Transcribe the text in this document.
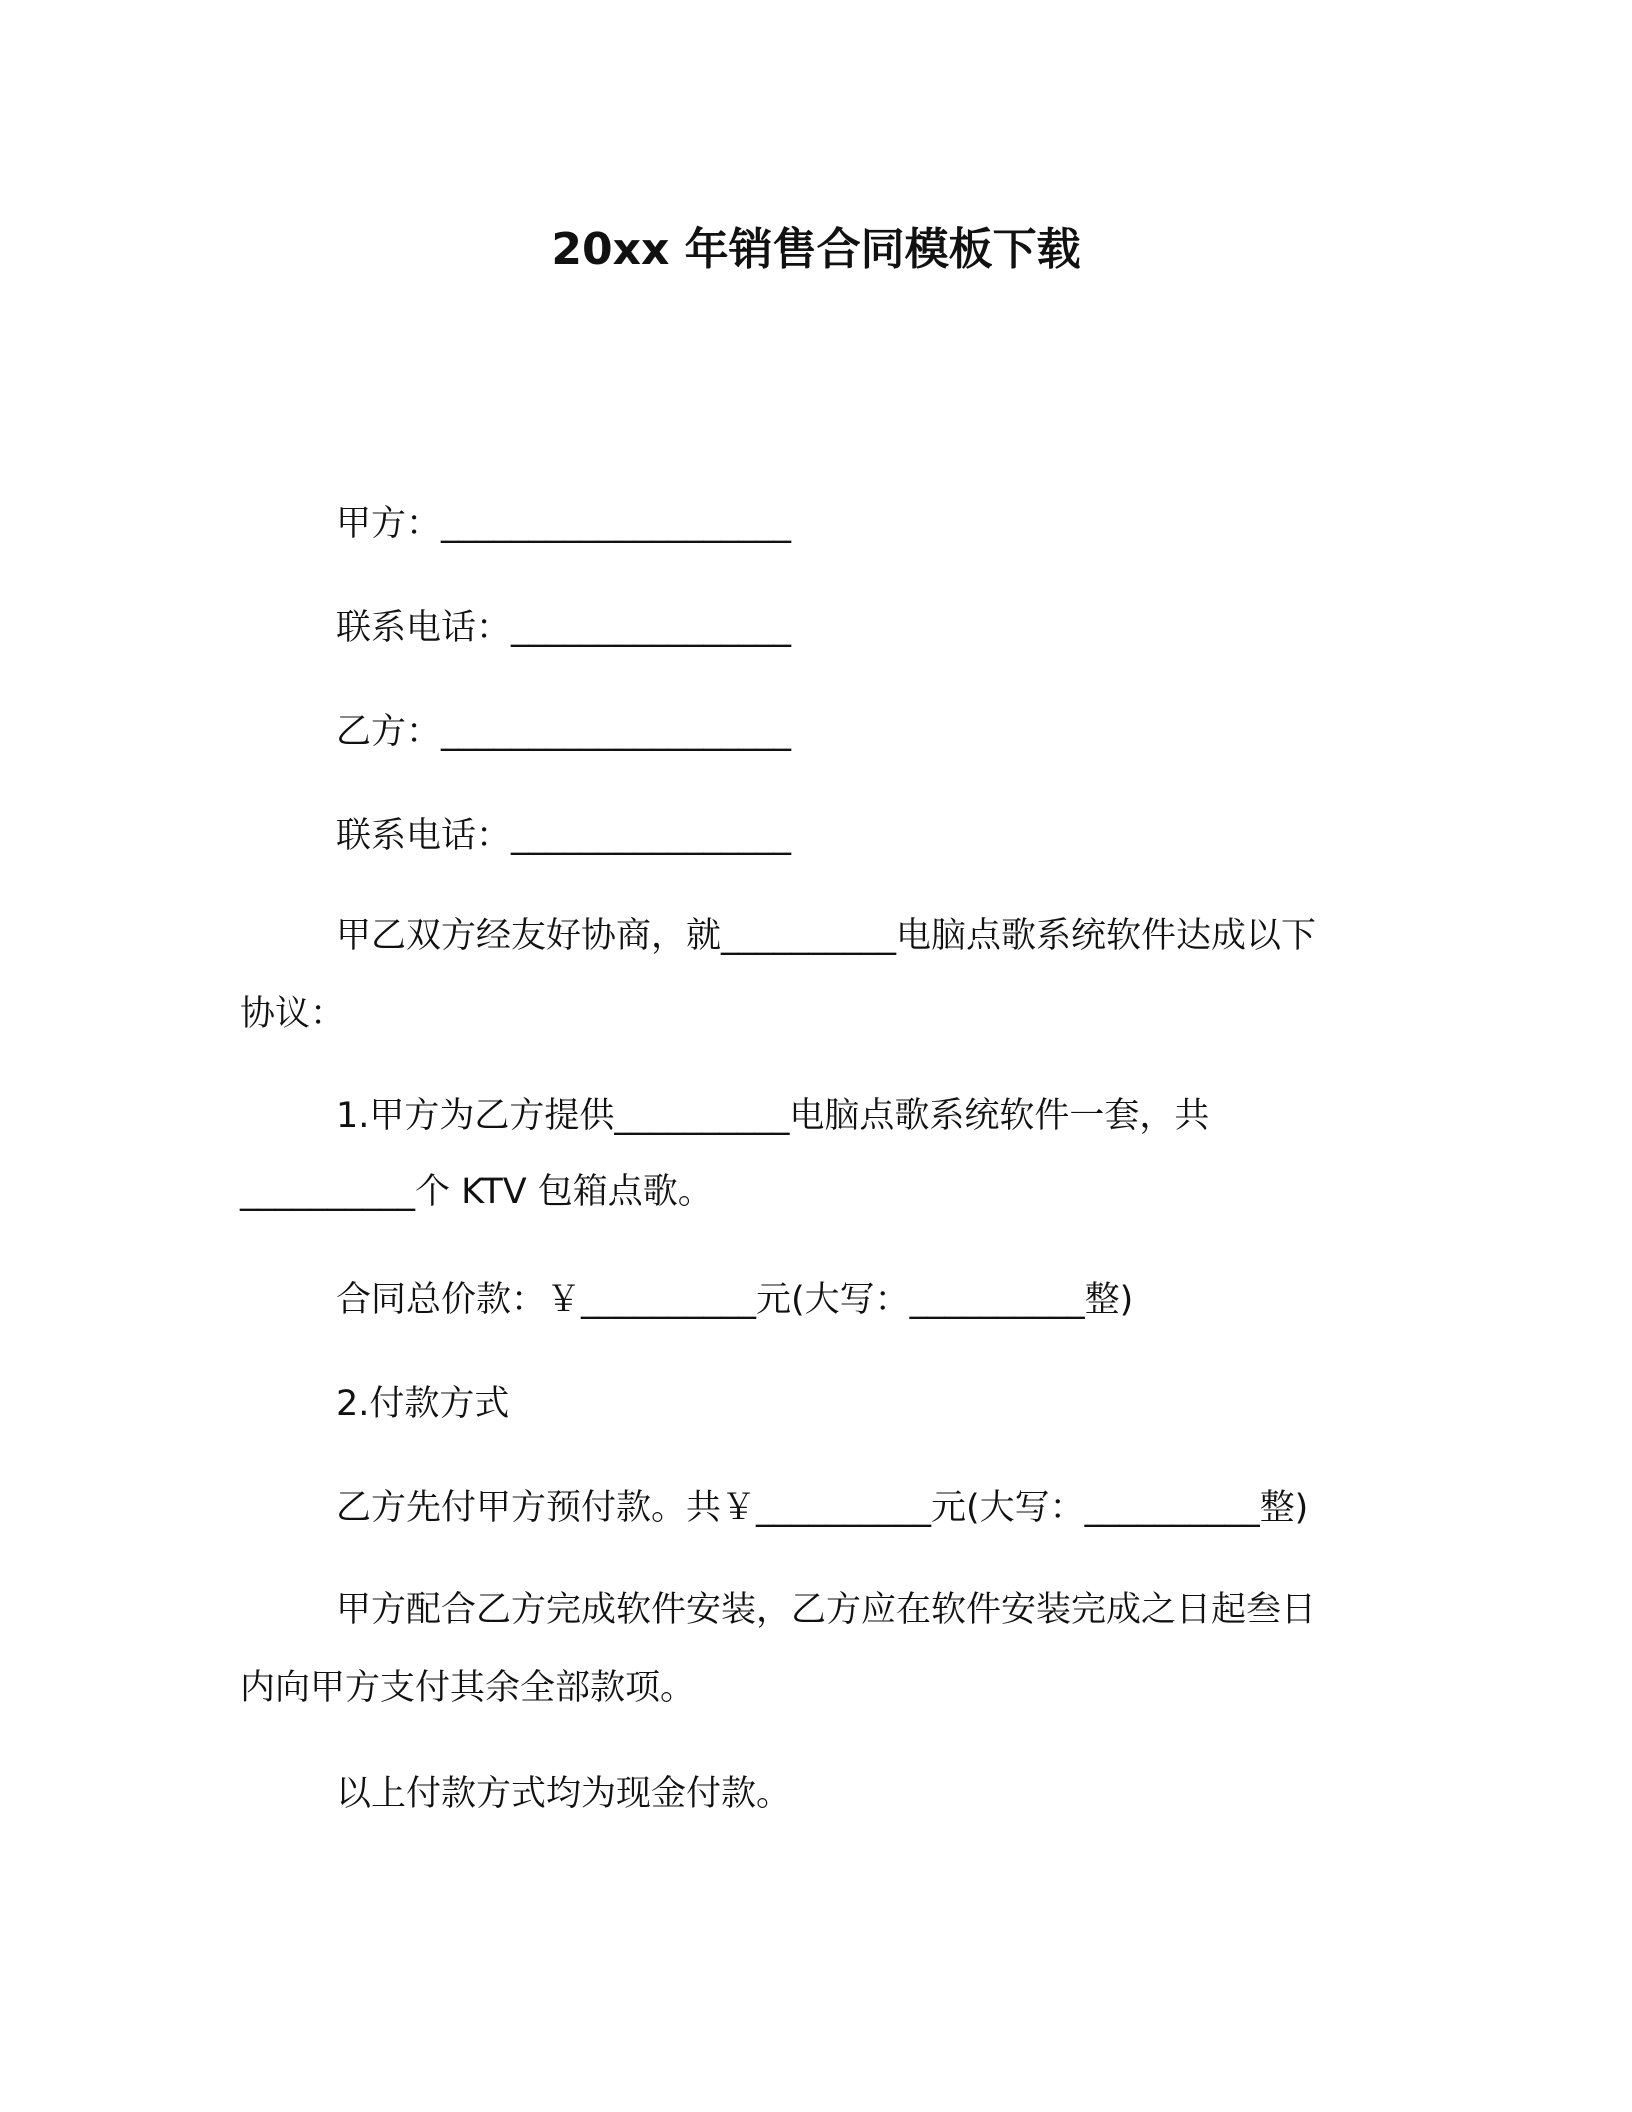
20xx 年销售合同模板下载
甲方：____________________
联系电话：________________
乙方：____________________
联系电话：________________
甲乙双方经友好协商，就__________电脑点歌系统软件达成以下
协议：
1.甲方为乙方提供__________电脑点歌系统软件一套，共
__________个 KTV 包箱点歌。
合同总价款：￥__________元(大写：__________整)
2.付款方式
乙方先付甲方预付款。共￥__________元(大写：__________整)
甲方配合乙方完成软件安装，乙方应在软件安装完成之日起叁日
内向甲方支付其余全部款项。
以上付款方式均为现金付款。
